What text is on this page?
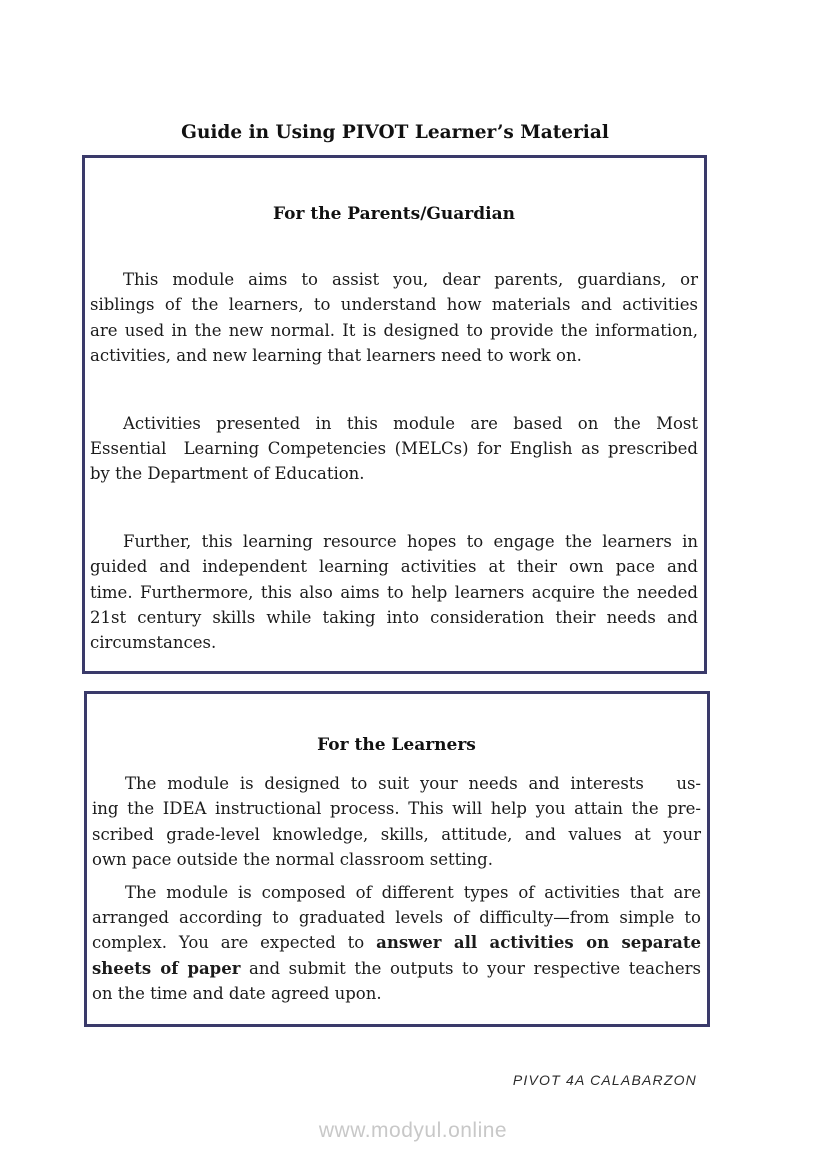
Guide in Using PIVOT Learner’s Material
For the Parents/Guardian
This module aims to assist you, dear parents, guardians, or
siblings of the learners, to understand how materials and activities
are used in the new normal. It is designed to provide the information,
activities, and new learning that learners need to work on.
Activities presented in this module are based on the Most
Essential  Learning Competencies (MELCs) for English as prescribed
by the Department of Education.
Further, this learning resource hopes to engage the learners in
guided and independent learning activities at their own pace and
time. Furthermore, this also aims to help learners acquire the needed
21st century skills while taking into consideration their needs and
circumstances.
For the Learners
The module is designed to suit your needs and interests   us-
ing the IDEA instructional process. This will help you attain the pre-
scribed grade-level knowledge, skills, attitude, and values at your
own pace outside the normal classroom setting.
The module is composed of different types of activities that are
arranged according to graduated levels of difficulty—from simple to
complex. You are expected to answer all activities on separate
sheets of paper and submit the outputs to your respective teachers
on the time and date agreed upon.
PIVOT 4A CALABARZON
www.modyul.online
